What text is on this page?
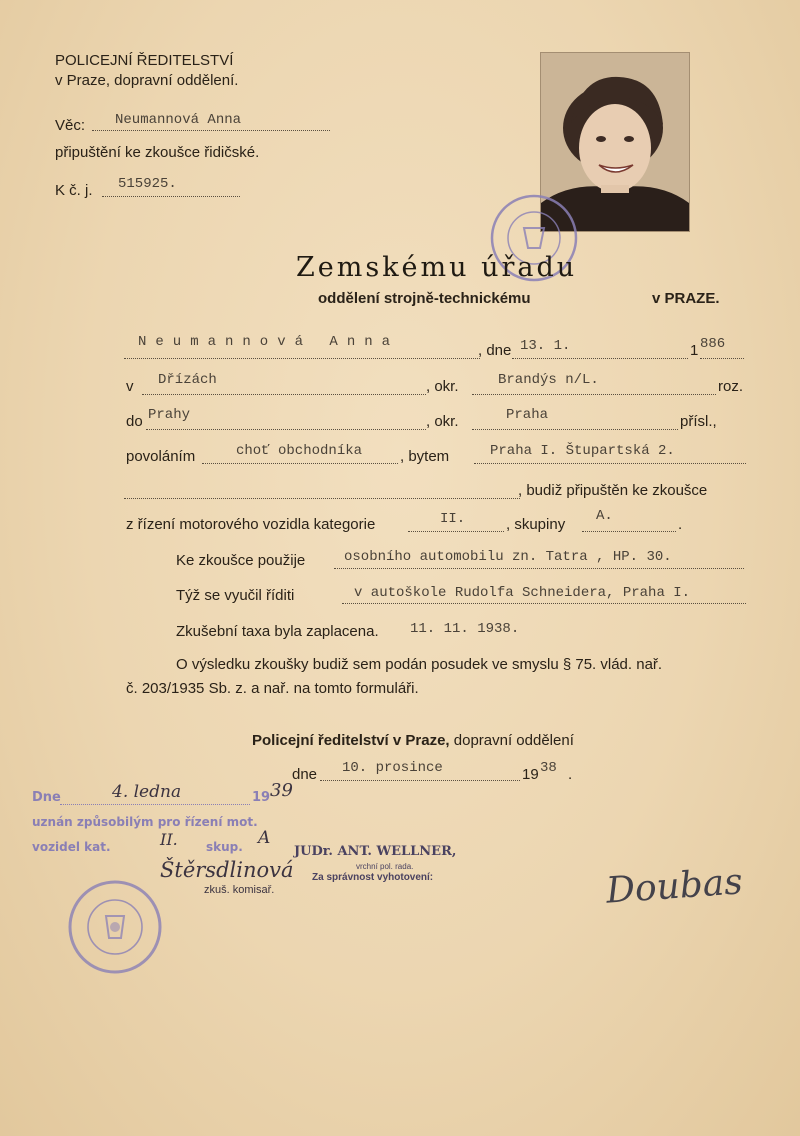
POLICEJNÍ ŘEDITELSTVÍ
v Praze, dopravní oddělení.
Věc: Neumannová Anna
připuštění ke zkoušce řidičské.
K č. j. 515925.
Zemskému úřadu
oddělení strojně-technickému	v PRAZE.
Neumannová Anna	, dne 13. 1.	1 886
v Dřízách	, okr.	Brandýs n/L.	roz.
do Prahy	, okr.	Praha	přísl.,
povoláním	choť obchodníka	, bytem	Praha I. Štupartská 2.
, budiž připuštěn ke zkoušce
z řízení motorového vozidla kategorie	II.	, skupiny A.	.
Ke zkoušce použije	osobního automobilu zn. Tatra , HP. 30.
Týž se vyučil říditi	v autoškole Rudolfa Schneidera, Praha I.
Zkušební taxa byla zaplacena. 11. 11. 1938.
O výsledku zkoušky budiž sem podán posudek ve smyslu § 75. vlád. nař.
č. 203/1935 Sb. z. a nař. na tomto formuláři.
Policejní ředitelství v Praze, dopravní oddělení
dne 10. prosince	19 38 .
Dne	4. ledna	19 39
uznán způsobilým pro řízení mot.
vozidel kat.	II. skup. A
JUDr. ANT. WELLNER,
vrchní pol. rada.
Za správnost vyhotovení:
Štěrsdlinová
zkuš. komisař.	Doubas
